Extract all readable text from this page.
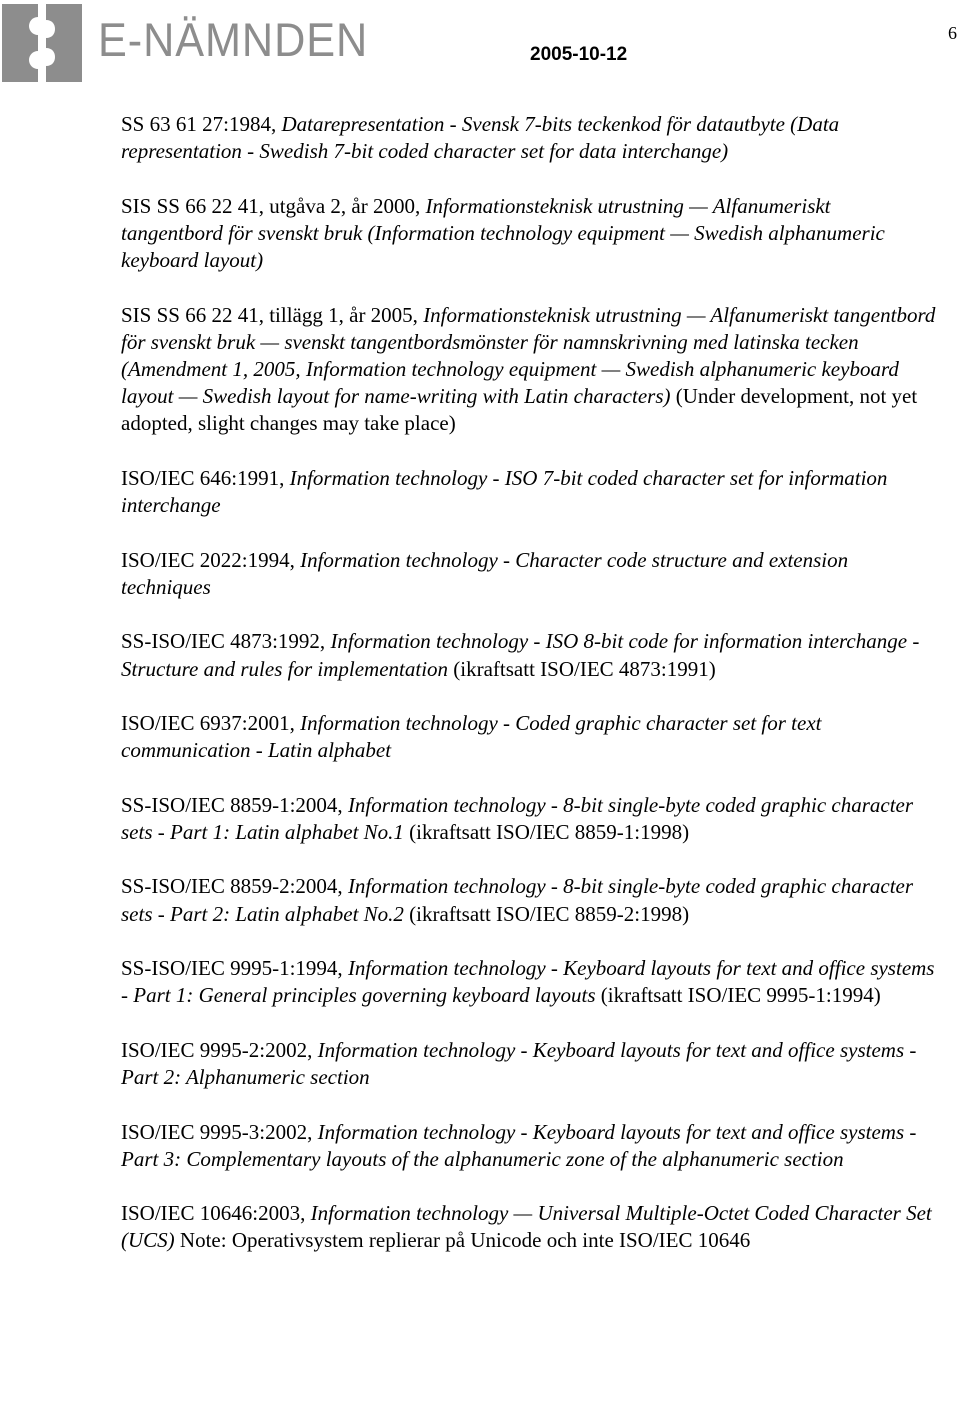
E-NÄMNDEN	2005-10-12
6
SS 63 61 27:1984, Datarepresentation - Svensk 7-bits teckenkod för datautbyte (Data representation - Swedish 7-bit coded character set for data interchange)
SIS SS 66 22 41, utgåva 2, år 2000, Informationsteknisk utrustning — Alfanumeriskt tangentbord för svenskt bruk (Information technology equipment — Swedish alphanumeric keyboard layout)
SIS SS 66 22 41, tillägg 1, år 2005, Informationsteknisk utrustning — Alfanumeriskt tangentbord för svenskt bruk — svenskt tangentbordsmönster för namnskrivning med latinska tecken (Amendment 1, 2005, Information technology equipment — Swedish alphanumeric keyboard layout — Swedish layout for name-writing with Latin characters) (Under development, not yet adopted, slight changes may take place)
ISO/IEC 646:1991, Information technology - ISO 7-bit coded character set for information interchange
ISO/IEC 2022:1994, Information technology - Character code structure and extension techniques
SS-ISO/IEC 4873:1992, Information technology - ISO 8-bit code for information interchange - Structure and rules for implementation (ikraftsatt ISO/IEC 4873:1991)
ISO/IEC 6937:2001, Information technology - Coded graphic character set for text communication - Latin alphabet
SS-ISO/IEC 8859-1:2004, Information technology - 8-bit single-byte coded graphic character sets - Part 1: Latin alphabet No.1 (ikraftsatt ISO/IEC 8859-1:1998)
SS-ISO/IEC 8859-2:2004, Information technology - 8-bit single-byte coded graphic character sets - Part 2: Latin alphabet No.2 (ikraftsatt ISO/IEC 8859-2:1998)
SS-ISO/IEC 9995-1:1994, Information technology - Keyboard layouts for text and office systems - Part 1: General principles governing keyboard layouts (ikraftsatt ISO/IEC 9995-1:1994)
ISO/IEC 9995-2:2002, Information technology - Keyboard layouts for text and office systems - Part 2: Alphanumeric section
ISO/IEC 9995-3:2002, Information technology - Keyboard layouts for text and office systems - Part 3: Complementary layouts of the alphanumeric zone of the alphanumeric section
ISO/IEC 10646:2003, Information technology — Universal Multiple-Octet Coded Character Set (UCS) Note: Operativsystem replierar på Unicode och inte ISO/IEC 10646
